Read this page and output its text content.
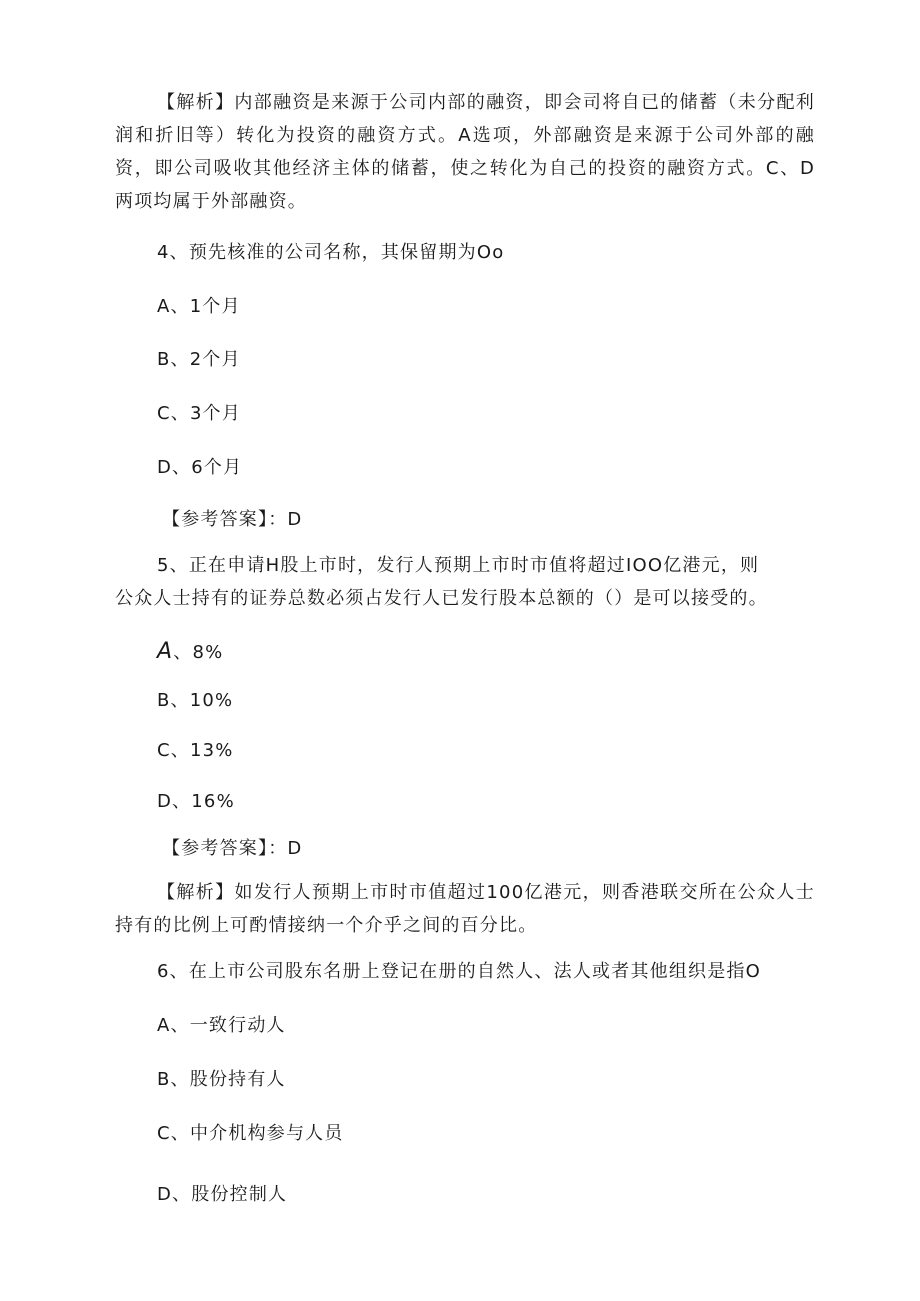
【解析】内部融资是来源于公司内部的融资，即会司将自已的储蓄（未分配利润和折旧等）转化为投资的融资方式。A选项，外部融资是来源于公司外部的融资，即公司吸收其他经济主体的储蓄，使之转化为自己的投资的融资方式。C、D两项均属于外部融资。
4、预先核准的公司名称，其保留期为Oo
A、1个月
B、2个月
C、3个月
D、6个月
【参考答案】：D
5、正在申请H股上市时，发行人预期上市时市值将超过IOO亿港元，则
公众人士持有的证券总数必须占发行人已发行股本总额的（）是可以接受的。
A、8%
B、10%
C、13%
D、16%
【参考答案】：D
【解析】如发行人预期上市时市值超过100亿港元，则香港联交所在公众人士持有的比例上可酌情接纳一个介乎之间的百分比。
6、在上市公司股东名册上登记在册的自然人、法人或者其他组织是指O
A、一致行动人
B、股份持有人
C、中介机构参与人员
D、股份控制人
